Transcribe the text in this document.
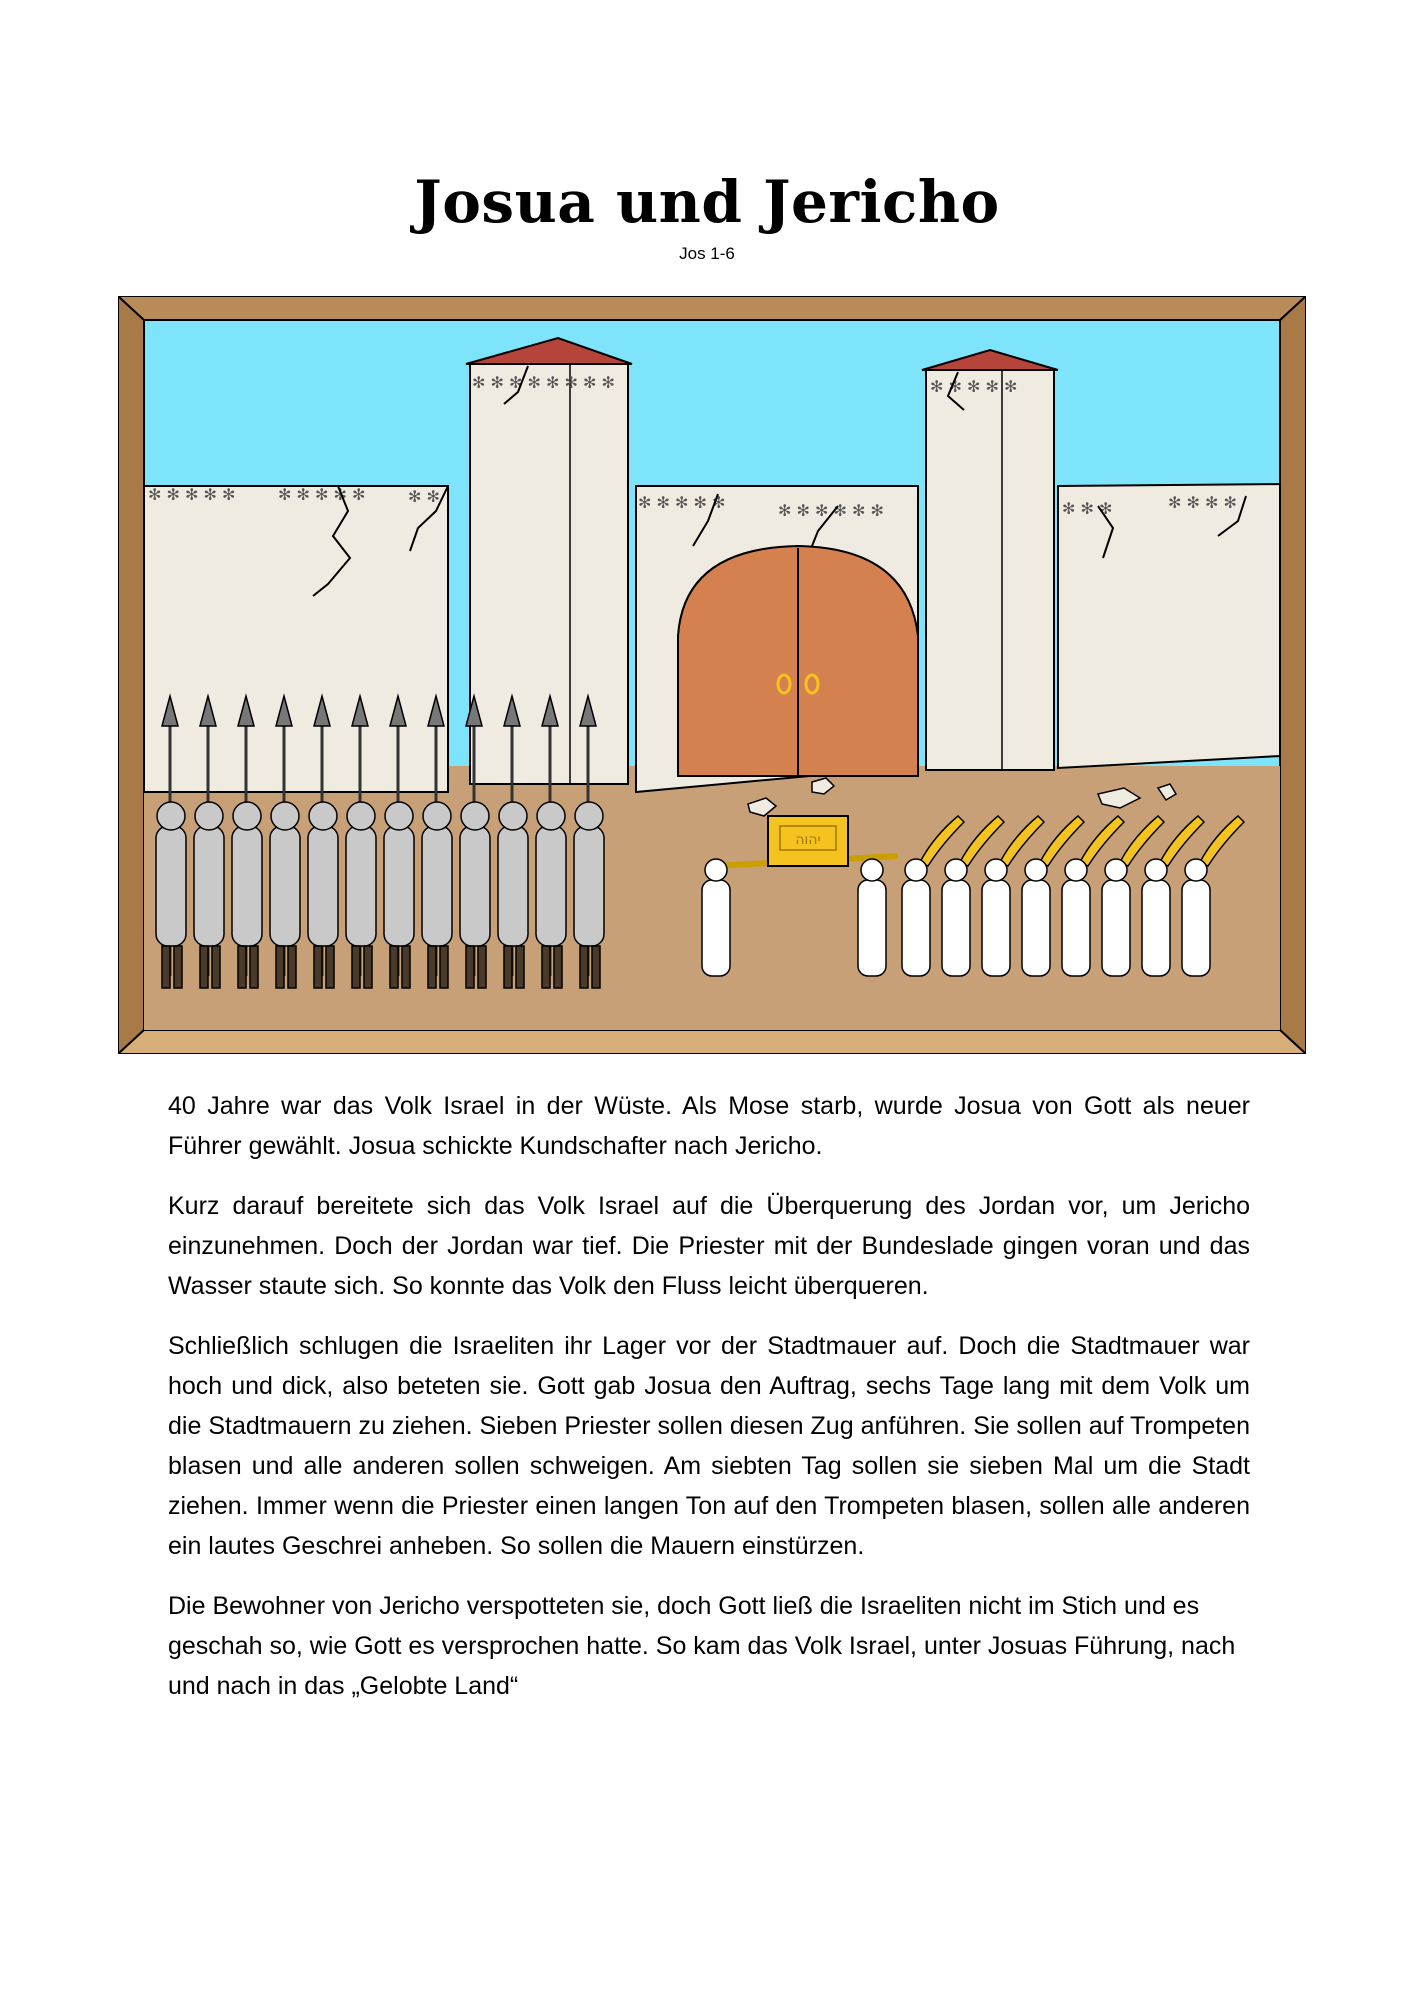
Josua und Jericho
Jos 1-6
✻ ✻ ✻ ✻ ✻	✻ ✻ ✻ ✻ ✻	✻ ✻
✻ ✻ ✻ ✻ ✻ ✻ ✻ ✻
✻ ✻ ✻ ✻ ✻	✻ ✻ ✻ ✻ ✻ ✻
✻ ✻ ✻ ✻ ✻
✻ ✻ ✻	✻ ✻ ✻ ✻
יהוה

40 Jahre war das Volk Israel in der Wüste. Als Mose starb, wurde Josua von Gott als neuer Führer gewählt. Josua schickte Kundschafter nach Jericho.

Kurz darauf bereitete sich das Volk Israel auf die Überquerung des Jordan vor, um Jericho einzunehmen. Doch der Jordan war tief. Die Priester mit der Bundeslade gingen voran und das Wasser staute sich. So konnte das Volk den Fluss leicht überqueren.

Schließlich schlugen die Israeliten ihr Lager vor der Stadtmauer auf. Doch die Stadtmauer war hoch und dick, also beteten sie. Gott gab Josua den Auftrag, sechs Tage lang mit dem Volk um die Stadtmauern zu ziehen. Sieben Priester sollen diesen Zug anführen. Sie sollen auf Trompeten blasen und alle anderen sollen schweigen. Am siebten Tag sollen sie sieben Mal um die Stadt ziehen. Immer wenn die Priester einen langen Ton auf den Trompeten blasen, sollen alle anderen ein lautes Geschrei anheben. So sollen die Mauern einstürzen.

Die Bewohner von Jericho verspotteten sie, doch Gott ließ die Israeliten nicht im Stich und es geschah so, wie Gott es versprochen hatte. So kam das Volk Israel, unter Josuas Führung, nach und nach in das „Gelobte Land“
